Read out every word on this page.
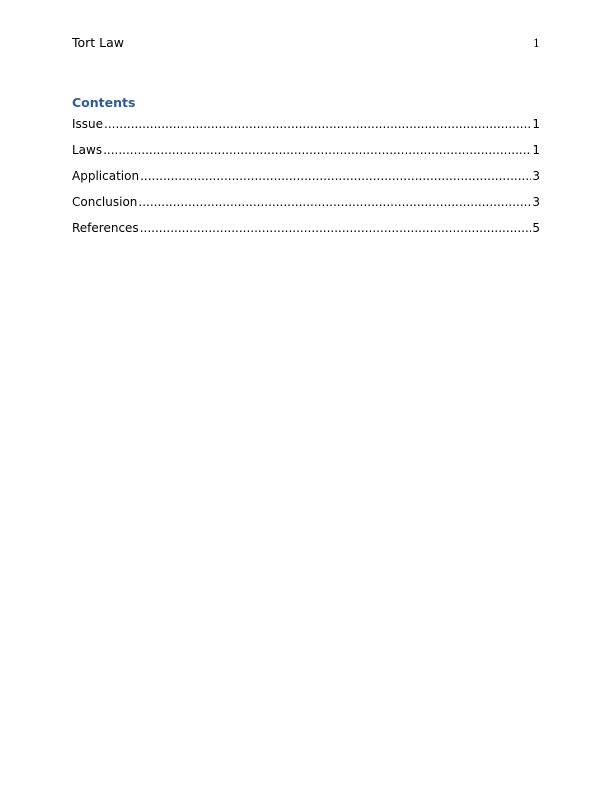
Tort Law	1
Contents
Issue .....	1
Laws .....	1
Application .....	3
Conclusion .....	3
References .....	5
